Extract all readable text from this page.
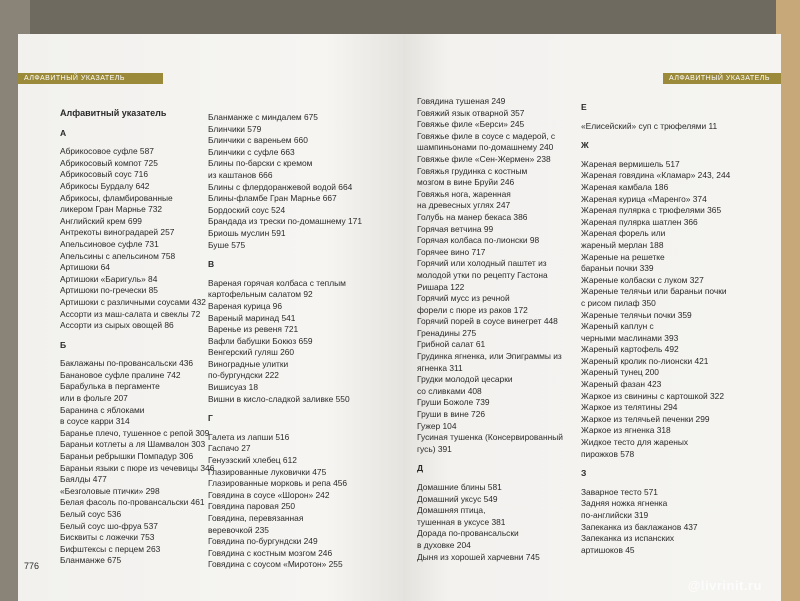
АЛФАВИТНЫЙ УКАЗАТЕЛЬ
Алфавитный указатель
А
Абрикосовое суфле 587
Абрикосовый компот 725
Абрикосовый соус 716
Абрикосы Бурдалу 642
Абрикосы, фламбированные
ликером Гран Марнье 732
Английский крем 699
Антрекоты виноградарей 257
Апельсиновое суфле 731
Апельсины с апельсином 758
Артишоки 64
Артишоки «Баригуль» 84
Артишоки по-гречески 85
Артишоки с различными соусами 432
Ассорти из маш-салата и свеклы 72
Ассорти из сырых овощей 86
Б
Баклажаны по-провансальски 436
Банановое суфле пралине 742
Барабулька в пергаменте
или в фольге 207
Баранина с яблоками
в соусе карри 314
Баранье плечо, тушенное с репой 309
Бараньи котлеты а ля Шамвалон 303
Бараньи ребрышки Помпадур 306
Бараньи языки с пюре из чечевицы 346
Баялды 477
«Безголовые птички» 298
Белая фасоль по-провансальски 461
Белый соус 536
Белый соус шо-фруа 537
Бисквиты с ложечки 753
Бифштексы с перцем 263
Бланманже 675
Бланманже с миндалем 675
Блинчики 579
Блинчики с вареньем 660
Блинчики с суфле 663
Блины по-барски с кремом
из каштанов 666
Блины с флердоранжевой водой 664
Блины-фламбе Гран Марнье 667
Бордоский соус 524
Брандада из трески по-домашнему 171
Бриошь муслин 591
Буше 575
В
Вареная горячая колбаса с теплым
картофельным салатом 92
Вареная курица 96
Вареный маринад 541
Варенье из ревеня 721
Вафли бабушки Бокюз 659
Венгерский гуляш 260
Виноградные улитки
по-бургундски 222
Вишисуаз 18
Вишни в кисло-сладкой заливке 550
Г
Галета из лапши 516
Гаспачо 27
Генуэзский хлебец 612
Глазированные луковички 475
Глазированные морковь и репа 456
Говядина в соусе «Шорон» 242
Говядина паровая 250
Говядина, перевязанная
веревочкой 235
Говядина по-бургундски 249
Говядина с костным мозгом 246
Говядина с соусом «Миротон» 255
776
АЛФАВИТНЫЙ УКАЗАТЕЛЬ
Говядина тушеная 249
Говяжий язык отварной 357
Говяжье филе «Берси» 245
Говяжье филе в соусе с мадерой, с
шампиньонами по-домашнему 240
Говяжье филе «Сен-Жермен» 238
Говяжья грудинка с костным
мозгом в вине Бруйи 246
Говяжья нога, жаренная
на древесных углях 247
Голубь на манер бекаса 386
Горячая ветчина 99
Горячая колбаса по-лионски 98
Горячее вино 717
Горячий или холодный паштет из
молодой утки по рецепту Гастона
Ришара 122
Горячий мусс из речной
форели с пюре из раков 172
Горячий порей в соусе винегрет 448
Гренадины 275
Грибной салат 61
Грудинка ягненка, или Эпиграммы из
ягненка 311
Грудки молодой цесарки
со сливками 408
Груши Божоле 739
Груши в вине 726
Гужер 104
Гусиная тушенка (Консервированный
гусь) 391
Д
Домашние блины 581
Домашний уксус 549
Домашняя птица,
тушенная в уксусе 381
Дорада по-провансальски
в духовке 204
Дыня из хорошей харчевни 745
Е
«Елисейский» суп с трюфелями 11
Ж
Жареная вермишель 517
Жареная говядина «Кламар» 243, 244
Жареная камбала 186
Жареная курица «Маренго» 374
Жареная пулярка с трюфелями 365
Жареная пулярка шатлен 366
Жареная форель или
жареный мерлан 188
Жареные на решетке
бараньи почки 339
Жареные колбаски с луком 327
Жареные телячьи или бараньи почки
с рисом пилаф 350
Жареные телячьи почки 359
Жареный каплун с
черными маслинами 393
Жареный картофель 492
Жареный кролик по-лионски 421
Жареный тунец 200
Жареный фазан 423
Жаркое из свинины с картошкой 322
Жаркое из телятины 294
Жаркое из телячьей печенки 299
Жаркое из ягненка 318
Жидкое тесто для жареных
пирожков 578
З
Заварное тесто 571
Задняя ножка ягненка
по-английски 319
Запеканка из баклажанов 437
Запеканка из испанских
артишоков 45
@livrinit.ru
